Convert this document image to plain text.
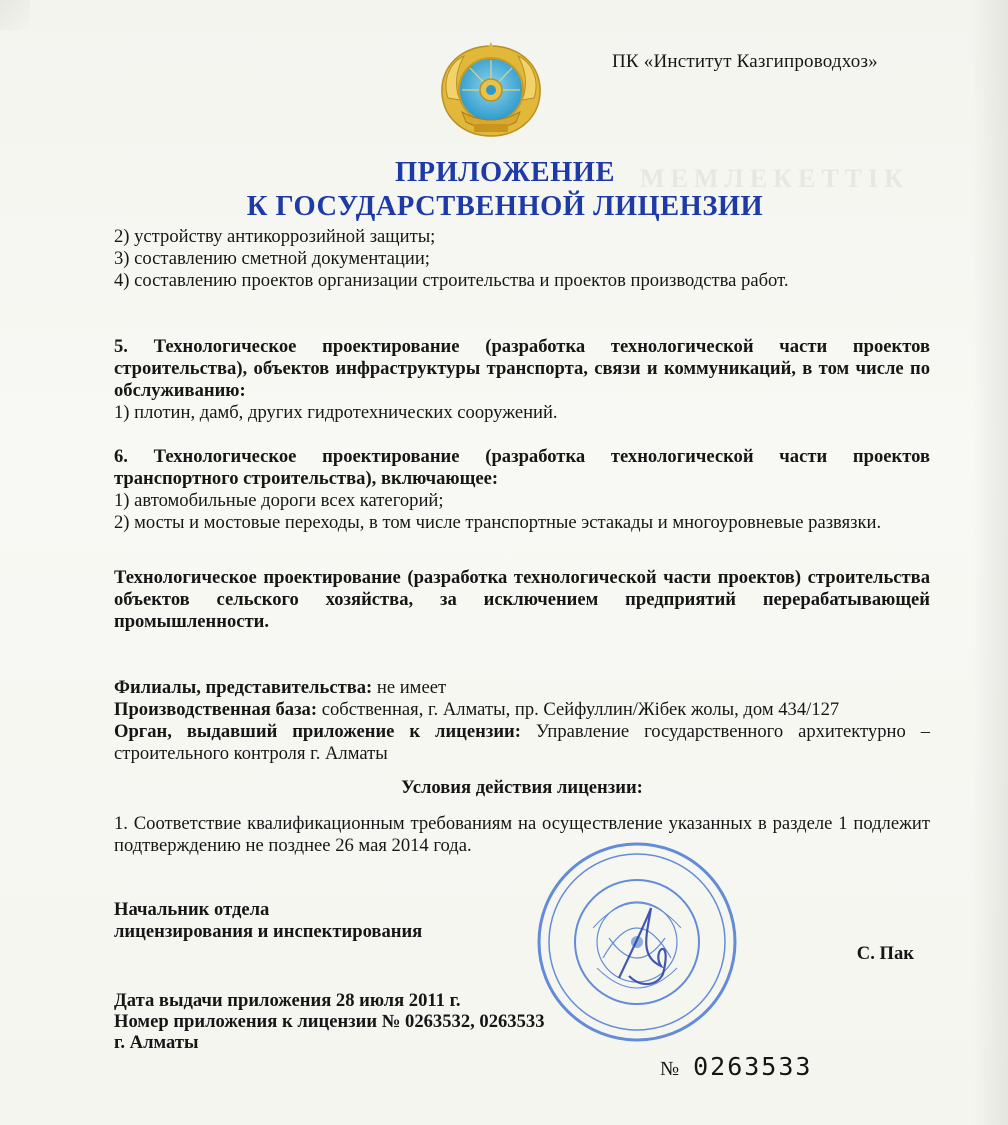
МЕМЛЕКЕТТІК
ПК «Институт Казгипроводхоз»
ПРИЛОЖЕНИЕ
К ГОСУДАРСТВЕННОЙ ЛИЦЕНЗИИ

2) устройству антикоррозийной защиты;

3) составлению сметной документации;

4) составлению проектов организации строительства и проектов производства работ.

5. Технологическое проектирование (разработка технологической части проектов строительства), объектов инфраструктуры транспорта, связи и коммуникаций, в том числе по обслуживанию:

1) плотин, дамб, других гидротехнических сооружений.

6. Технологическое проектирование (разработка технологической части проектов транспортного строительства), включающее:

1) автомобильные дороги всех категорий;

2) мосты и мостовые переходы, в том числе транспортные эстакады и многоуровневые развязки.

Технологическое проектирование (разработка технологической части проектов) строительства объектов сельского хозяйства, за исключением предприятий перерабатывающей промышленности.

Филиалы, представительства: не имеет

Производственная база: собственная, г. Алматы, пр. Сейфуллин/Жібек жолы, дом 434/127

Орган, выдавший приложение к лицензии: Управление государственного архитектурно – строительного контроля г. Алматы

Условия действия лицензии:

1. Соответствие квалификационным требованиям на осуществление указанных в разделе 1 подлежит подтверждению не позднее 26 мая 2014 года.

Начальник отдела
лицензирования и инспектирования
С. Пак
Дата выдачи приложения 28 июля 2011 г.
Номер приложения к лицензии № 0263532, 0263533
г. Алматы
№ 0263533
